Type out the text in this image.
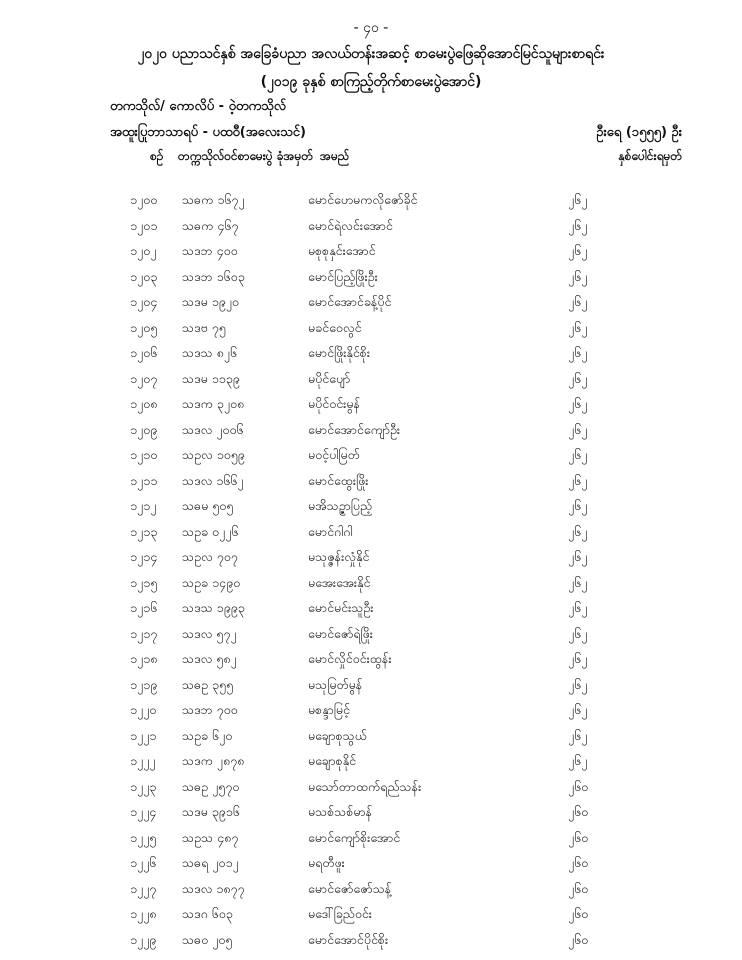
- ၄၀ -
၂၀၂၀ ပညာသင်နှစ် အခြေခံပညာ အလယ်တန်းအဆင့် စာမေးပွဲဖြေဆိုအောင်မြင်သူများစာရင်း
(၂၀၁၉ ခုနှစ် စာကြည့်တိုက်စာမေးပွဲအောင်)
တကသိုလ်/ ကောလိပ် - ဝဲ့တကသိုလ်
အထူးပြုဘာသာရပ် - ပထဝီ(အလေးသင်)	ဦးရေ (၁၅၅၅) ဦး
စဉ် တက္ကသိုလ်ဝင်စာမေးပွဲ ခုံအမှတ် အမည်	နှစ်ပေါင်းရမှတ်
၁၂၀၀ သဓက ၁၆၇၂	မောင်ဟေမကလိုဇော်ခိုင်	၂၆၂
၁၂၀၁ သဓက ၄၆၇	မောင်ရဲလင်းအောင်	၂၆၂
၁၂၀၂ သဒဘ ၄၀၀	မစုစုနှင်းအောင်	၂၆၂
၁၂၀၃ သဒဘ ၁၆၀၃	မောင်ပြည့်ဖြိုးဦး	၂၆၂
၁၂၀၄ သဒမ ၁၉၂၀	မောင်အောင်ခန့်ပိုင်	၂၆၂
၁၂၀၅ သဒဗ ၇၅	မခင်ဝေလွင်	၂၆၂
၁၂၀၆ သဒသ ၈၂၆	မောင်ဖြိုးနိုင်စိုး	၂၆၂
၁၂၀၇ သဒမ ၁၁၃၉	မပိုင်ပျော်	၂၆၂
၁၂၀၈ သဒက ၃၂၀၈	မပိုင်ဝင်းမွန်	၂၆၂
၁၂၀၉ သဒလ ၂၀၀၆	မောင်အောင်ကျော်ဦး	၂၆၂
၁၂၁၀ သဥလ ၁၀၅၉	မဝင့်ပါမြတ်	၂၆၂
၁၂၁၁ သဒလ ၁၆၆၂	မောင်ထွေးဖြိုး	၂၆၂
၁၂၁၂ သဓမ ၅၀၅	မအိသဥ္ဇာပြည့်	၂၆၂
၁၂၁၃ သဥခ ၀၂၂၆	မောင်ဂါဂါ	၂၆၂
၁၂၁၄ သဥလ ၇၀၇	မသုဇ္ဇန်းလှုံနိုင်	၂၆၂
၁၂၁၅ သဥခ ၁၄၉၀	မအေးအေးနိုင်	၂၆၂
၁၂၁၆ သဒသ ၁၉၉၃	မောင်မင်းသူဦး	၂၆၂
၁၂၁၇ သဒလ ၅၇၂	မောင်ဇော်ရဲဖြိုး	၂၆၂
၁၂၁၈ သဒလ ၅၈၂	မောင်လှိုင်ဝင်းထွန်း	၂၆၂
၁၂၁၉ သဓဥ ၃၅၅	မသုမြတ်မွန်	၂၆၂
၁၂၂၀ သဒဘ ၇၀၀	မစန္ဒာမြင့်	၂၆၂
၁၂၂၁ သဥခ ၆၂၀	မချောစုသွယ်	၂၆၂
၁၂၂၂ သဒက ၂၈၇၈	မချောစုနိုင်	၂၆၂
၁၂၂၃ သဓဥ ၂၅၇၀	မသော်တာထက်ရည်သန်း	၂၆၀
၁၂၂၄ သဒမ ၃၉၁၆	မသစ်သစ်မာန်	၂၆၀
၁၂၂၅ သဥသ ၄၈၇	မောင်ကျော်စိုးအောင်	၂၆၀
၁၂၂၆ သဓရ ၂၀၁၂	မရတီဖူး	၂၆၀
၁၂၂၇ သဒလ ၁၈၇၇	မောင်ဇော်ဇော်သန့်	၂၆၀
၁၂၂၈ သဒဂ ၆၀၃	မဒေါ်ခြည်ဝင်း	၂၆၀
၁၂၂၉ သဓဝ ၂၀၅	မောင်အောင်ပိုင်စိုး	၂၆၀
